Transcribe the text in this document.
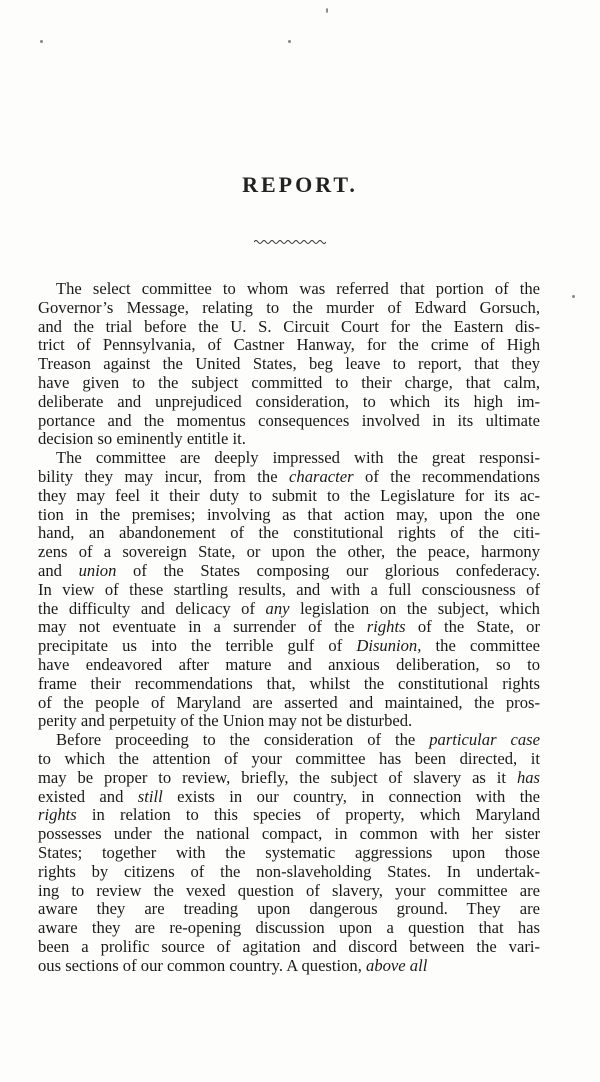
REPORT.
The select committee to whom was referred that portion of the
Governor’s Message, relating to the murder of Edward Gorsuch,
and the trial before the U. S. Circuit Court for the Eastern dis-
trict of Pennsylvania, of Castner Hanway, for the crime of High
Treason against the United States, beg leave to report, that they
have given to the subject committed to their charge, that calm,
deliberate and unprejudiced consideration, to which its high im-
portance and the momentus consequences involved in its ultimate
decision so eminently entitle it.
The committee are deeply impressed with the great responsi-
bility they may incur, from the character of the recommendations
they may feel it their duty to submit to the Legislature for its ac-
tion in the premises; involving as that action may, upon the one
hand, an abandonement of the constitutional rights of the citi-
zens of a sovereign State, or upon the other, the peace, harmony
and union of the States composing our glorious confederacy.
In view of these startling results, and with a full consciousness of
the difficulty and delicacy of any legislation on the subject, which
may not eventuate in a surrender of the rights of the State, or
precipitate us into the terrible gulf of Disunion, the committee
have endeavored after mature and anxious deliberation, so to
frame their recommendations that, whilst the constitutional rights
of the people of Maryland are asserted and maintained, the pros-
perity and perpetuity of the Union may not be disturbed.
Before proceeding to the consideration of the particular case
to which the attention of your committee has been directed, it
may be proper to review, briefly, the subject of slavery as it has
existed and still exists in our country, in connection with the
rights in relation to this species of property, which Maryland
possesses under the national compact, in common with her sister
States; together with the systematic aggressions upon those
rights by citizens of the non-slaveholding States. In undertak-
ing to review the vexed question of slavery, your committee are
aware they are treading upon dangerous ground. They are
aware they are re-opening discussion upon a question that has
been a prolific source of agitation and discord between the vari-
ous sections of our common country. A question, above all
